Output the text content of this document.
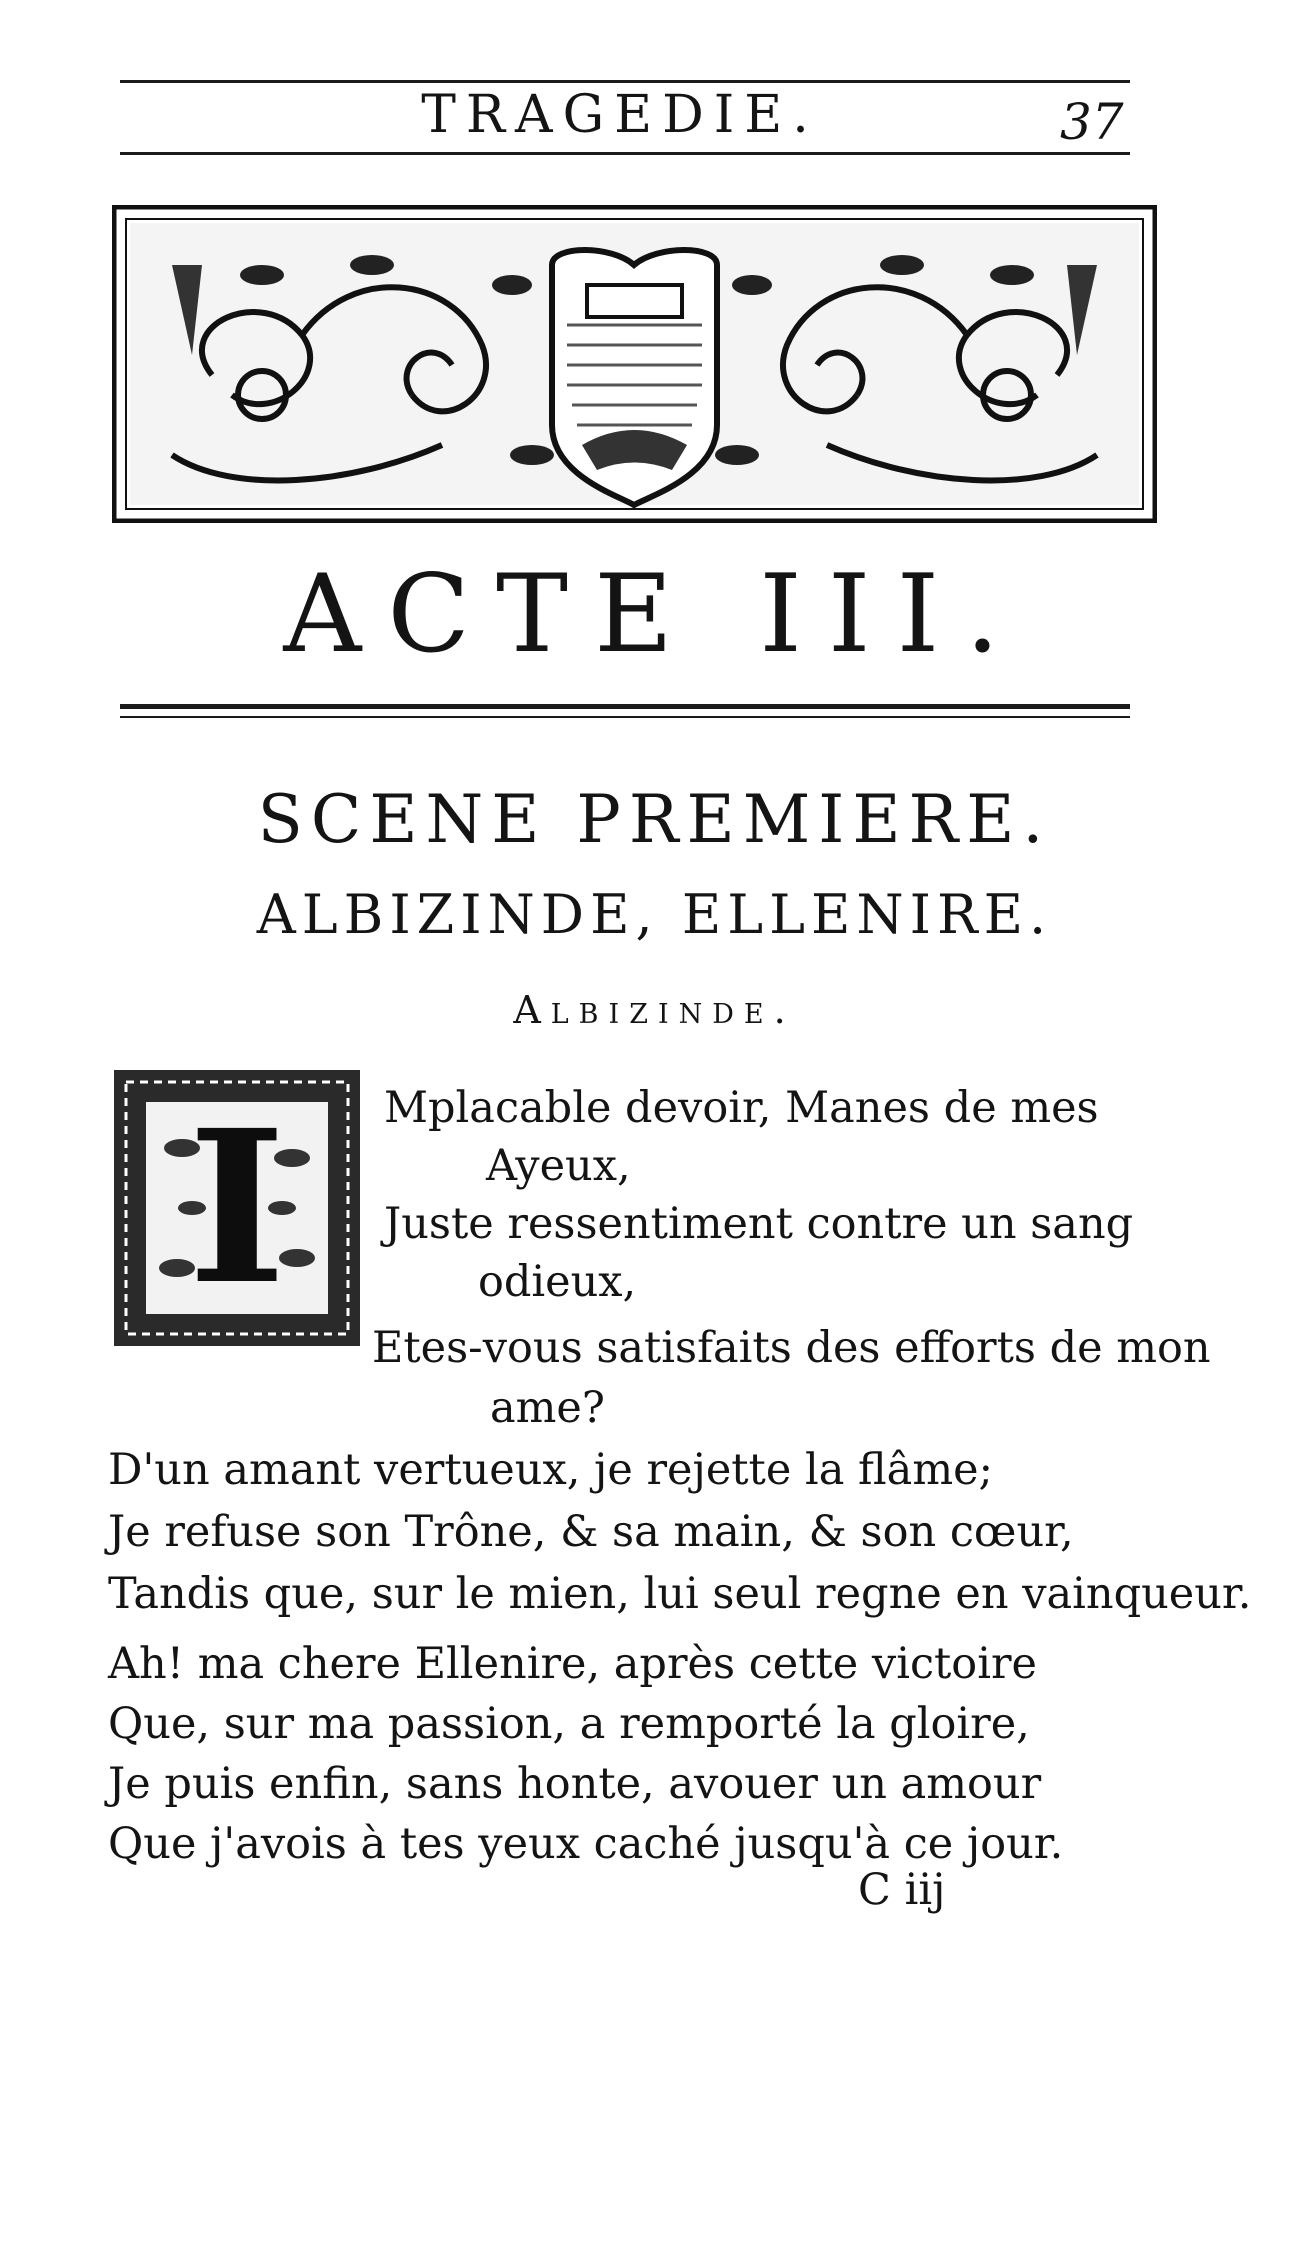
TRAGEDIE.	37
ACTE III.
SCENE PREMIERE.
ALBIZINDE, ELLENIRE.
Albizinde.
I	Mplacable devoir, Manes de mes
Ayeux,
Juste ressentiment contre un sang
odieux,
Etes-vous satisfaits des efforts de mon
ame?
D'un amant vertueux, je rejette la flâme;
Je refuse son Trône, & sa main, & son cœur,
Tandis que, sur le mien, lui seul regne en vainqueur.
Ah! ma chere Ellenire, après cette victoire
Que, sur ma passion, a remporté la gloire,
Je puis enfin, sans honte, avouer un amour
Que j'avois à tes yeux caché jusqu'à ce jour.
C iij
